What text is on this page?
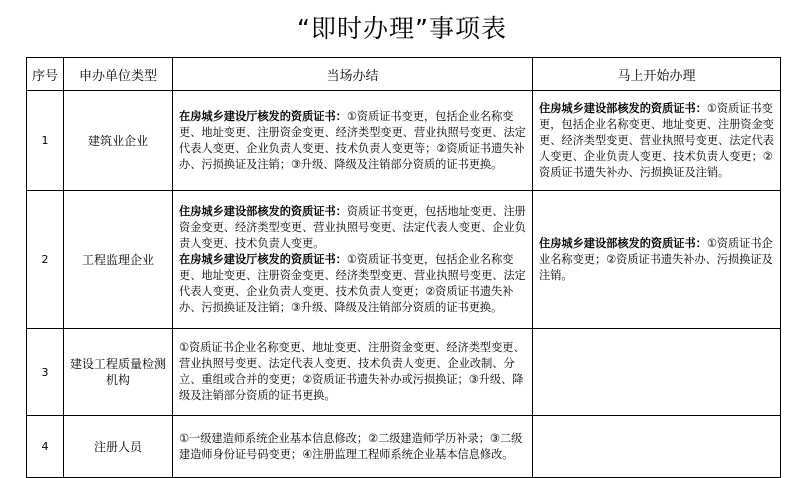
“即时办理”事项表
序号	申办单位类型	当场办结	马上开始办理
1	建筑业企业	在房城乡建设厅核发的资质证书：①资质证书变更，包括企业名称变更、地址变更、注册资金变更、经济类型变更、营业执照号变更、法定代表人变更、企业负责人变更、技术负责人变更等；②资质证书遗失补办、污损换证及注销；③升级、降级及注销部分资质的证书更换。	住房城乡建设部核发的资质证书：①资质证书变更，包括企业名称变更、地址变更、注册资金变更、经济类型变更、营业执照号变更、法定代表人变更、企业负责人变更、技术负责人变更；②资质证书遗失补办、污损换证及注销。

2	工程监理企业	住房城乡建设部核发的资质证书：资质证书变更，包括地址变更、注册资金变更、经济类型变更、营业执照号变更、法定代表人变更、企业负责人变更、技术负责人变更。
在房城乡建设厅核发的资质证书：①资质证书变更，包括企业名称变更、地址变更、注册资金变更、经济类型变更、营业执照号变更、法定代表人变更、企业负责人变更、技术负责人变更；②资质证书遗失补办、污损换证及注销；③升级、降级及注销部分资质的证书更换。	住房城乡建设部核发的资质证书：①资质证书企业名称变更；②资质证书遗失补办、污损换证及注销。

3	建设工程质量检测机构	①资质证书企业名称变更、地址变更、注册资金变更、经济类型变更、营业执照号变更、法定代表人变更、技术负责人变更、企业改制、分立、重组或合并的变更；②资质证书遗失补办或污损换证；③升级、降级及注销部分资质的证书更换。	

4	注册人员	①一级建造师系统企业基本信息修改；②二级建造师学历补录；③二级建造师身份证号码变更；④注册监理工程师系统企业基本信息修改。	
